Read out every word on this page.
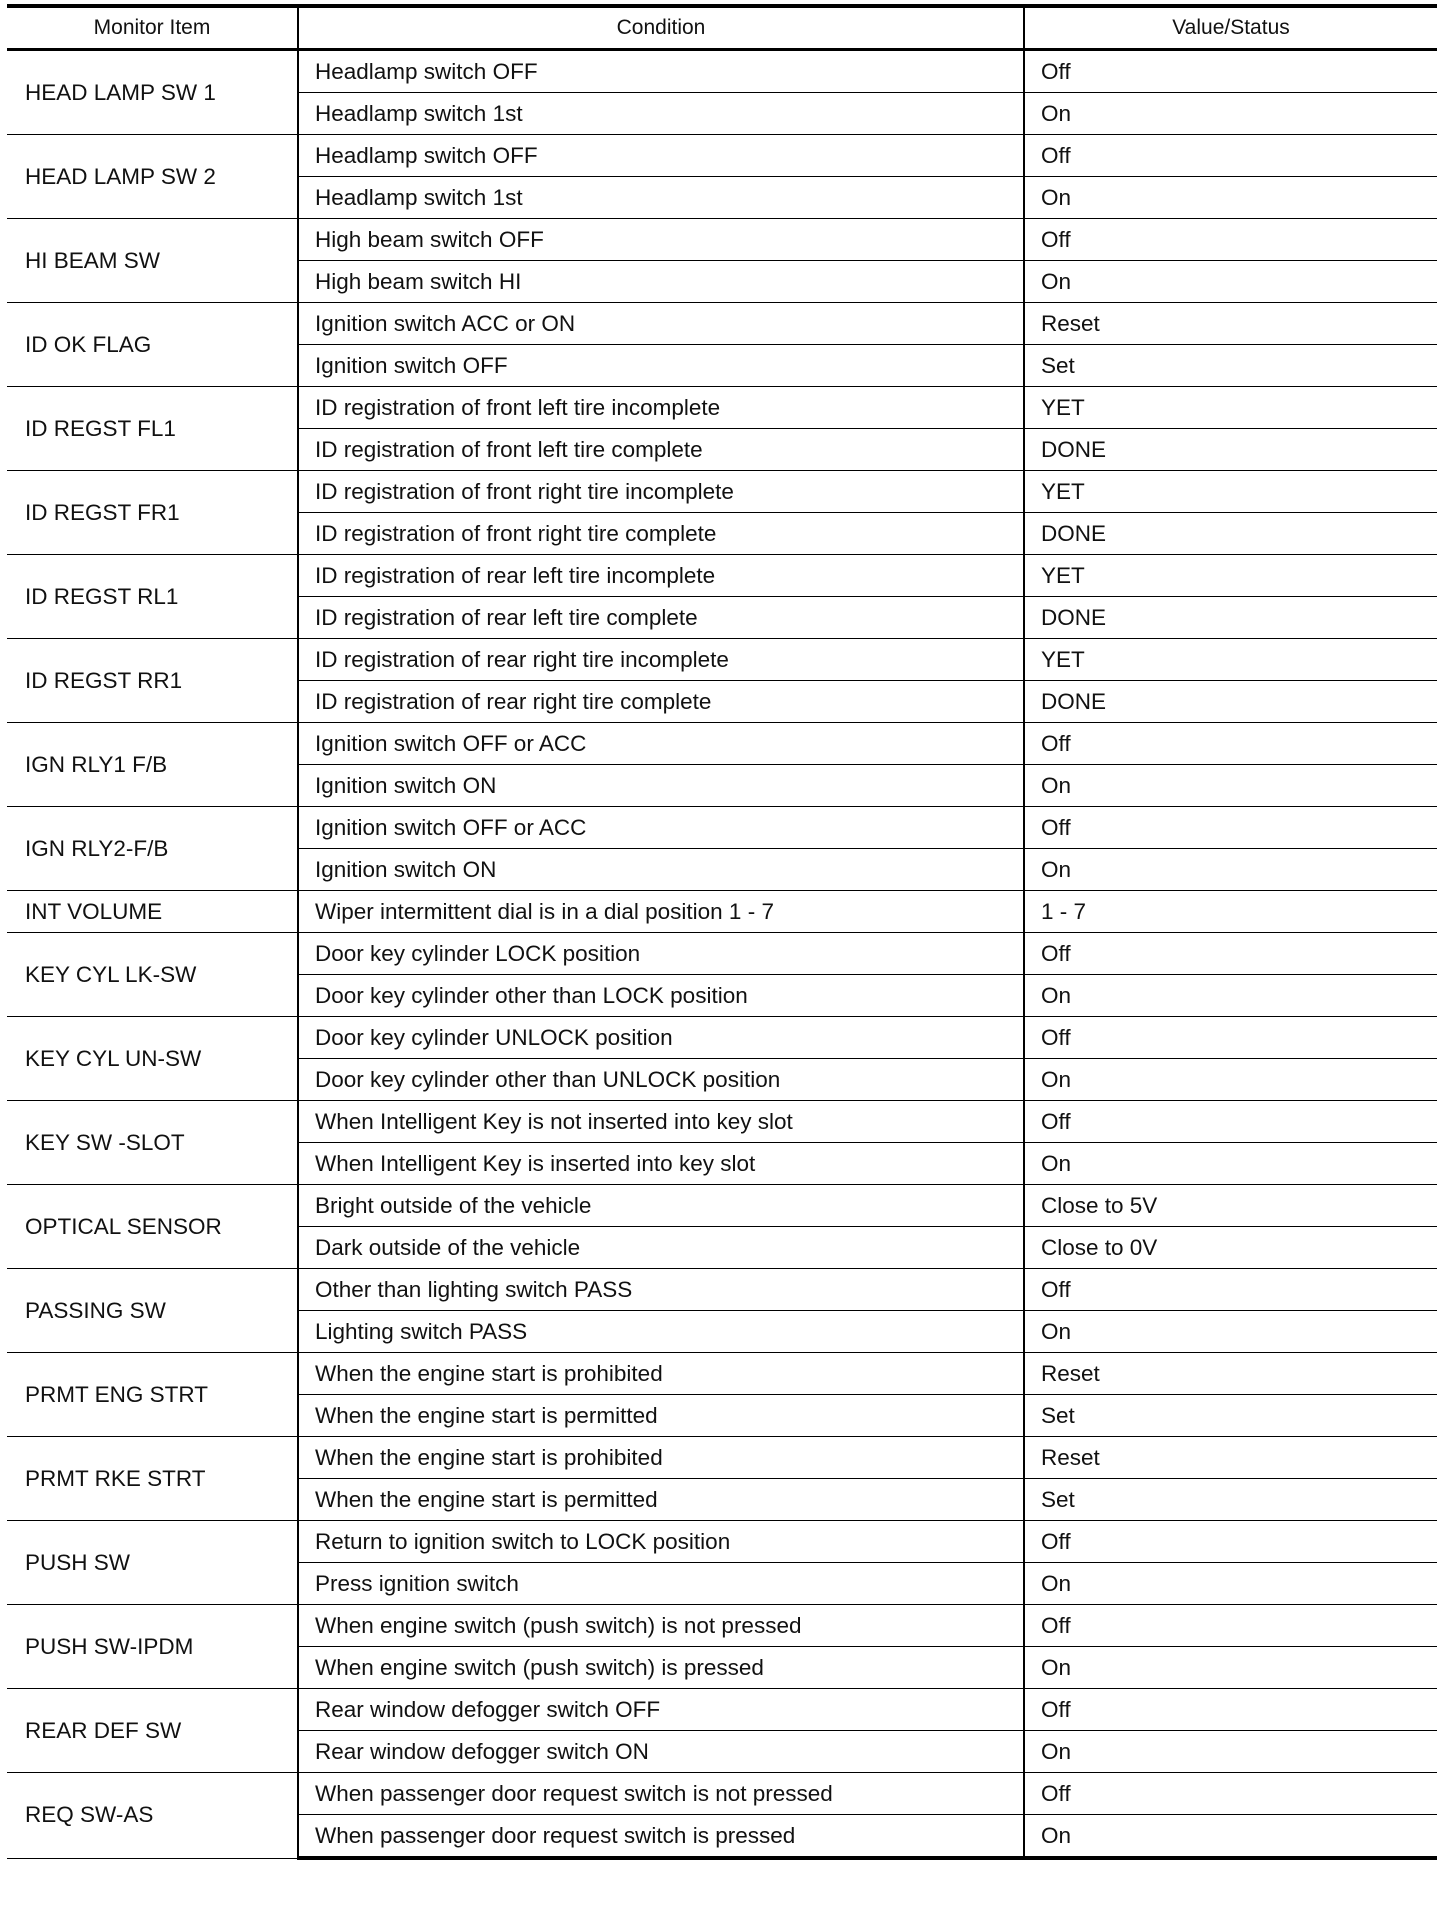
Monitor Item	Condition	Value/Status
HEAD LAMP SW 1	Headlamp switch OFF	Off
	Headlamp switch 1st	On
HEAD LAMP SW 2	Headlamp switch OFF	Off
	Headlamp switch 1st	On
HI BEAM SW	High beam switch OFF	Off
	High beam switch HI	On
ID OK FLAG	Ignition switch ACC or ON	Reset
	Ignition switch OFF	Set
ID REGST FL1	ID registration of front left tire incomplete	YET
	ID registration of front left tire complete	DONE
ID REGST FR1	ID registration of front right tire incomplete	YET
	ID registration of front right tire complete	DONE
ID REGST RL1	ID registration of rear left tire incomplete	YET
	ID registration of rear left tire complete	DONE
ID REGST RR1	ID registration of rear right tire incomplete	YET
	ID registration of rear right tire complete	DONE
IGN RLY1 F/B	Ignition switch OFF or ACC	Off
	Ignition switch ON	On
IGN RLY2-F/B	Ignition switch OFF or ACC	Off
	Ignition switch ON	On
INT VOLUME	Wiper intermittent dial is in a dial position 1 - 7	1 - 7
KEY CYL LK-SW	Door key cylinder LOCK position	Off
	Door key cylinder other than LOCK position	On
KEY CYL UN-SW	Door key cylinder UNLOCK position	Off
	Door key cylinder other than UNLOCK position	On
KEY SW -SLOT	When Intelligent Key is not inserted into key slot	Off
	When Intelligent Key is inserted into key slot	On
OPTICAL SENSOR	Bright outside of the vehicle	Close to 5V
	Dark outside of the vehicle	Close to 0V
PASSING SW	Other than lighting switch PASS	Off
	Lighting switch PASS	On
PRMT ENG STRT	When the engine start is prohibited	Reset
	When the engine start is permitted	Set
PRMT RKE STRT	When the engine start is prohibited	Reset
	When the engine start is permitted	Set
PUSH SW	Return to ignition switch to LOCK position	Off
	Press ignition switch	On
PUSH SW-IPDM	When engine switch (push switch) is not pressed	Off
	When engine switch (push switch) is pressed	On
REAR DEF SW	Rear window defogger switch OFF	Off
	Rear window defogger switch ON	On
REQ SW-AS	When passenger door request switch is not pressed	Off
	When passenger door request switch is pressed	On
